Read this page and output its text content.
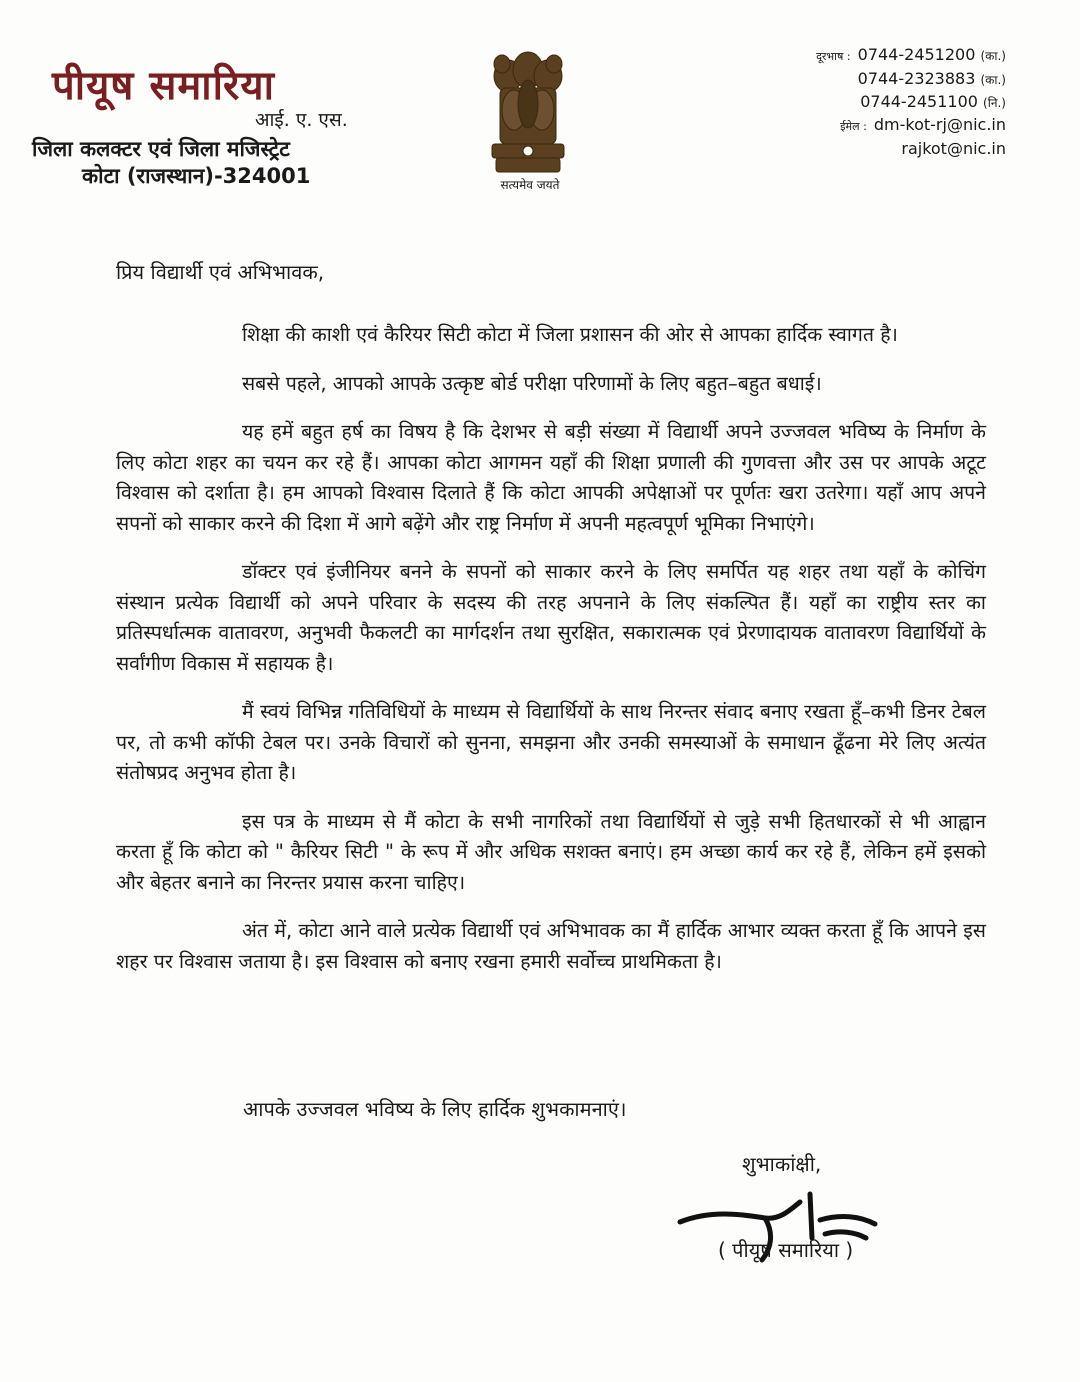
पीयूष समारिया
आई. ए. एस.
जिला कलक्टर एवं जिला मजिस्ट्रेट
कोटा (राजस्थान)-324001	सत्यमेव जयते
दूरभाष : 0744-2451200 (का.)
0744-2323883 (का.)
0744-2451100 (नि.)
ईमेल : dm-kot-rj@nic.in
rajkot@nic.in
प्रिय विद्यार्थी एवं अभिभावक,

शिक्षा की काशी एवं कैरियर सिटी कोटा में जिला प्रशासन की ओर से आपका हार्दिक स्वागत है।

सबसे पहले, आपको आपके उत्कृष्ट बोर्ड परीक्षा परिणामों के लिए बहुत–बहुत बधाई।

यह हमें बहुत हर्ष का विषय है कि देशभर से बड़ी संख्या में विद्यार्थी अपने उज्जवल भविष्य के निर्माण के लिए कोटा शहर का चयन कर रहे हैं। आपका कोटा आगमन यहाँ की शिक्षा प्रणाली की गुणवत्ता और उस पर आपके अटूट विश्वास को दर्शाता है। हम आपको विश्वास दिलाते हैं कि कोटा आपकी अपेक्षाओं पर पूर्णतः खरा उतरेगा। यहाँ आप अपने सपनों को साकार करने की दिशा में आगे बढ़ेंगे और राष्ट्र निर्माण में अपनी महत्वपूर्ण भूमिका निभाएंगे।

डॉक्टर एवं इंजीनियर बनने के सपनों को साकार करने के लिए समर्पित यह शहर तथा यहाँ के कोचिंग संस्थान प्रत्येक विद्यार्थी को अपने परिवार के सदस्य की तरह अपनाने के लिए संकल्पित हैं। यहाँ का राष्ट्रीय स्तर का प्रतिस्पर्धात्मक वातावरण, अनुभवी फैकलटी का मार्गदर्शन तथा सुरक्षित, सकारात्मक एवं प्रेरणादायक वातावरण विद्यार्थियों के सर्वांगीण विकास में सहायक है।

मैं स्वयं विभिन्न गतिविधियों के माध्यम से विद्यार्थियों के साथ निरन्तर संवाद बनाए रखता हूँ–कभी डिनर टेबल पर, तो कभी कॉफी टेबल पर। उनके विचारों को सुनना, समझना और उनकी समस्याओं के समाधान ढूँढना मेरे लिए अत्यंत संतोषप्रद अनुभव होता है।

इस पत्र के माध्यम से मैं कोटा के सभी नागरिकों तथा विद्यार्थियों से जुड़े सभी हितधारकों से भी आह्वान करता हूँ कि कोटा को " कैरियर सिटी " के रूप में और अधिक सशक्त बनाएं। हम अच्छा कार्य कर रहे हैं, लेकिन हमें इसको और बेहतर बनाने का निरन्तर प्रयास करना चाहिए।

अंत में, कोटा आने वाले प्रत्येक विद्यार्थी एवं अभिभावक का मैं हार्दिक आभार व्यक्त करता हूँ कि आपने इस शहर पर विश्वास जताया है। इस विश्वास को बनाए रखना हमारी सर्वोच्च प्राथमिकता है।

आपके उज्जवल भविष्य के लिए हार्दिक शुभकामनाएं।
शुभाकांक्षी,
( पीयूष समारिया )
